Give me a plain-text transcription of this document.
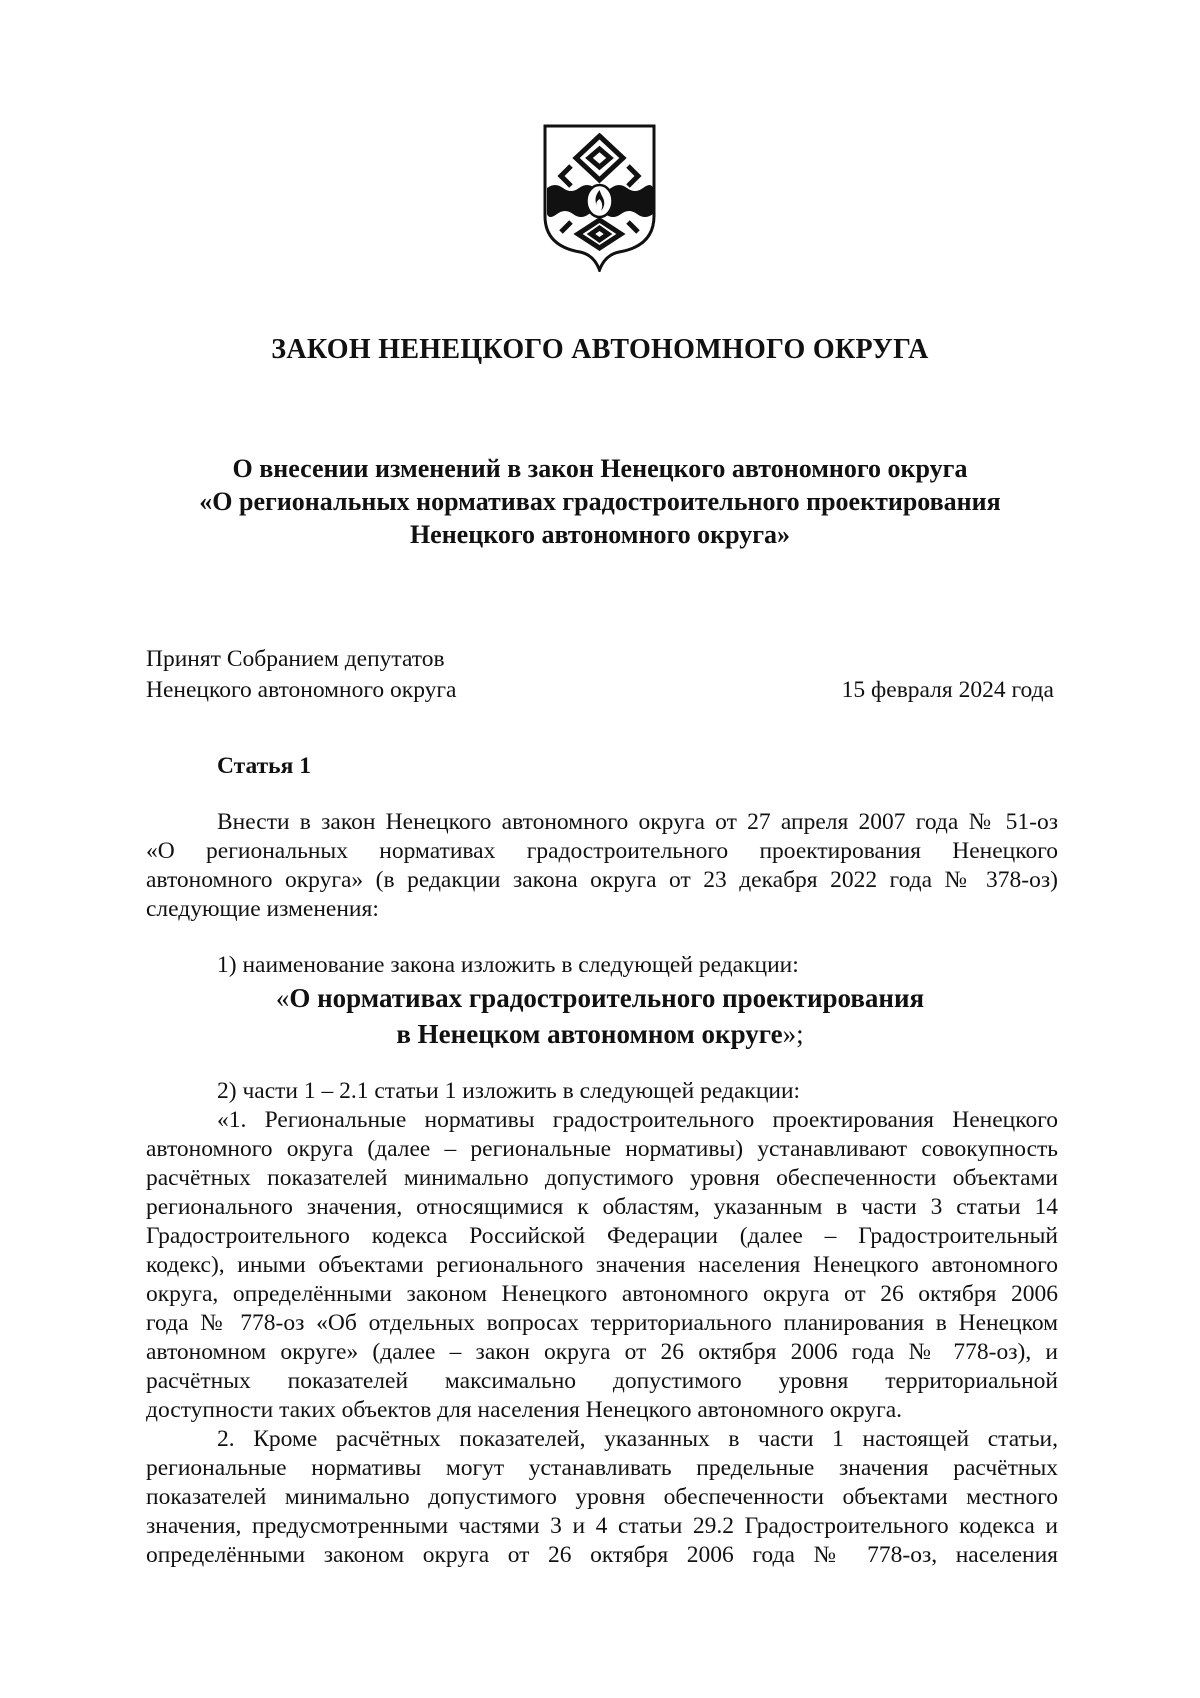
ЗАКОН НЕНЕЦКОГО АВТОНОМНОГО ОКРУГА
О внесении изменений в закон Ненецкого автономного округа
«О региональных нормативах градостроительного проектирования
Ненецкого автономного округа»
Принят Собранием депутатов
Ненецкого автономного округа	15 февраля 2024 года
Статья 1
Внести в закон Ненецкого автономного округа от 27 апреля 2007 года № 51-оз
«О региональных нормативах градостроительного проектирования Ненецкого
автономного округа» (в редакции закона округа от 23 декабря 2022 года № 378-оз)
следующие изменения:
1) наименование закона изложить в следующей редакции:
«О нормативах градостроительного проектирования
в Ненецком автономном округе»;
2) части 1 – 2.1 статьи 1 изложить в следующей редакции:
«1. Региональные нормативы градостроительного проектирования Ненецкого
автономного округа (далее – региональные нормативы) устанавливают совокупность
расчётных показателей минимально допустимого уровня обеспеченности объектами
регионального значения, относящимися к областям, указанным в части 3 статьи 14
Градостроительного кодекса Российской Федерации (далее – Градостроительный
кодекс), иными объектами регионального значения населения Ненецкого автономного
округа, определёнными законом Ненецкого автономного округа от 26 октября 2006
года № 778-оз «Об отдельных вопросах территориального планирования в Ненецком
автономном округе» (далее – закон округа от 26 октября 2006 года № 778-оз), и
расчётных показателей максимально допустимого уровня территориальной
доступности таких объектов для населения Ненецкого автономного округа.
2. Кроме расчётных показателей, указанных в части 1 настоящей статьи,
региональные нормативы могут устанавливать предельные значения расчётных
показателей минимально допустимого уровня обеспеченности объектами местного
значения, предусмотренными частями 3 и 4 статьи 29.2 Градостроительного кодекса и
определёнными законом округа от 26 октября 2006 года № 778-оз, населения
